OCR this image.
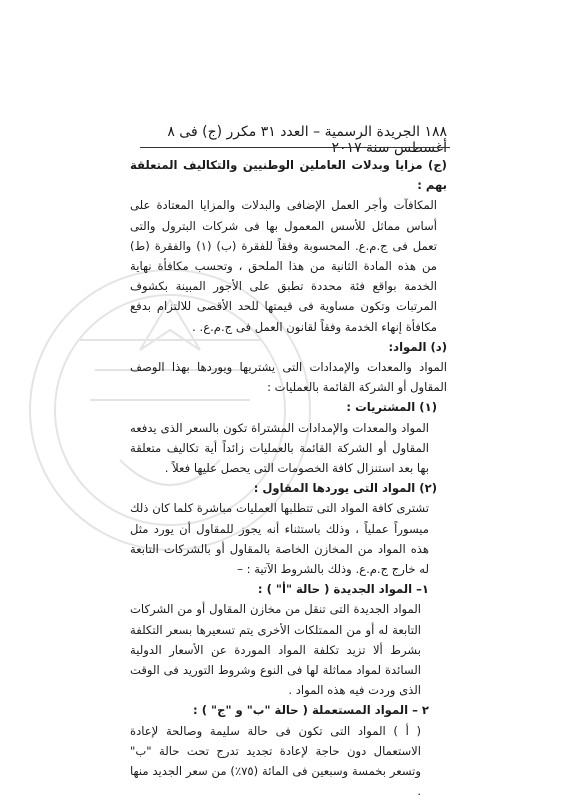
١٨٨ الجريدة الرسمية – العدد ٣١ مكرر (ج) فى ٨ أغسطس سنة ٢٠١٧

(ج) مزايا وبدلات العاملين الوطنيين والتكاليف المتعلقة بهم :

المكافآت وأجر العمل الإضافى والبدلات والمزايا المعتادة على أساس مماثل للأسس المعمول بها فى شركات البترول والتى تعمل فى ج.م.ع. المحسوبة وفقاً للفقرة (ب) (١) والفقرة (ط) من هذه المادة الثانية من هذا الملحق ، وتحسب مكافأة نهاية الخدمة بواقع فئة محددة تطبق على الأجور المبينة بكشوف المرتبات وتكون مساوية فى قيمتها للحد الأقصى للالتزام بدفع مكافأة إنهاء الخدمة وفقاً لقانون العمل فى ج.م.ع. .

(د) المواد:

المواد والمعدات والإمدادات التى يشتريها ويوردها بهذا الوصف المقاول أو الشركة القائمة بالعمليات :

(١) المشتريات :

المواد والمعدات والإمدادات المشتراة تكون بالسعر الذى يدفعه المقاول أو الشركة القائمة بالعمليات زائداً أية تكاليف متعلقة بها بعد استنزال كافة الخصومات التى يحصل عليها فعلاً .

(٢) المواد التى يوردها المقاول :

تشترى كافة المواد التى تتطلبها العمليات مباشرة كلما كان ذلك ميسوراً عملياً ، وذلك باستثناء أنه يجوز للمقاول أن يورد مثل هذه المواد من المخازن الخاصة بالمقاول أو بالشركات التابعة له خارج ج.م.ع. وذلك بالشروط الآتية : –

١– المواد الجديدة ( حالة "أ" ) :

المواد الجديدة التى تنقل من مخازن المقاول أو من الشركات التابعة له أو من الممتلكات الأخرى يتم تسعيرها بسعر التكلفة بشرط ألا تزيد تكلفة المواد الموردة عن الأسعار الدولية السائدة لمواد مماثلة لها فى النوع وشروط التوريد فى الوقت الذى وردت فيه هذه المواد .

٢ – المواد المستعملة ( حالة "ب" و "ج" ) :

( أ ) المواد التى تكون فى حالة سليمة وصالحة لإعادة الاستعمال دون حاجة لإعادة تجديد تدرج تحت حالة "ب" وتسعر بخمسة وسبعين فى المائة (٧٥٪) من سعر الجديد منها .
